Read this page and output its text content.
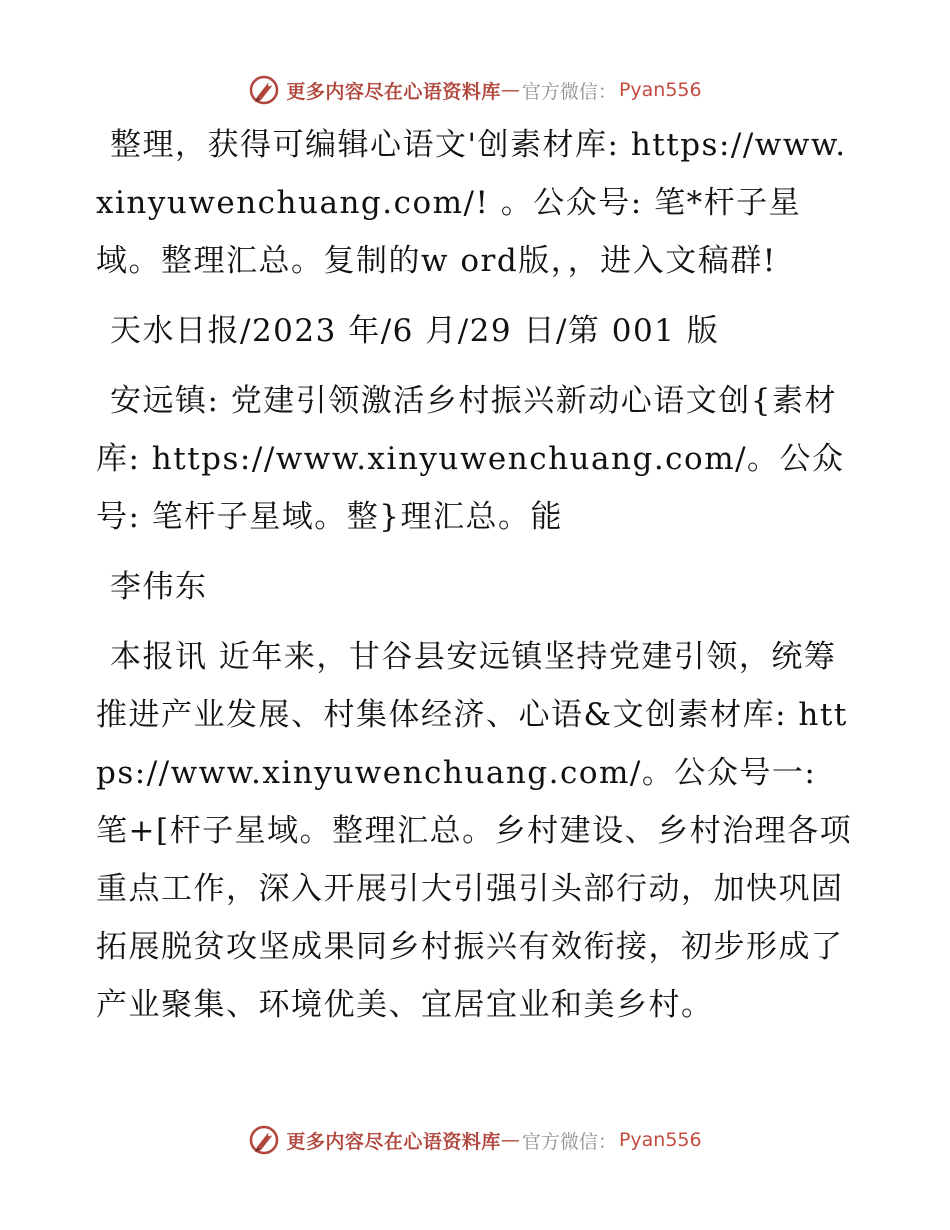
更多内容尽在心语资料库 — 官方微信： Pyan556

整理，获得可编辑心语文'创素材库: https://www.xinyuwenchuang.com/! 。公众号: 笔*杆子星域。整理汇总。复制的w ord版，，进入文稿群!

天水日报/2023 年/6 月/29 日/第 001 版

安远镇: 党建引领激活乡村振兴新动心语文创{素材库: https://www.xinyuwenchuang.com/。公众号: 笔杆子星域。整}理汇总。能

李伟东

本报讯 近年来，甘谷县安远镇坚持党建引领，统筹推进产业发展、村集体经济、心语&文创素材库: https://www.xinyuwenchuang.com/。公众号一: 笔+[杆子星域。整理汇总。乡村建设、乡村治理各项重点工作，深入开展引大引强引头部行动，加快巩固拓展脱贫攻坚成果同乡村振兴有效衔接，初步形成了产业聚集、环境优美、宜居宜业和美乡村。

更多内容尽在心语资料库 — 官方微信： Pyan556
